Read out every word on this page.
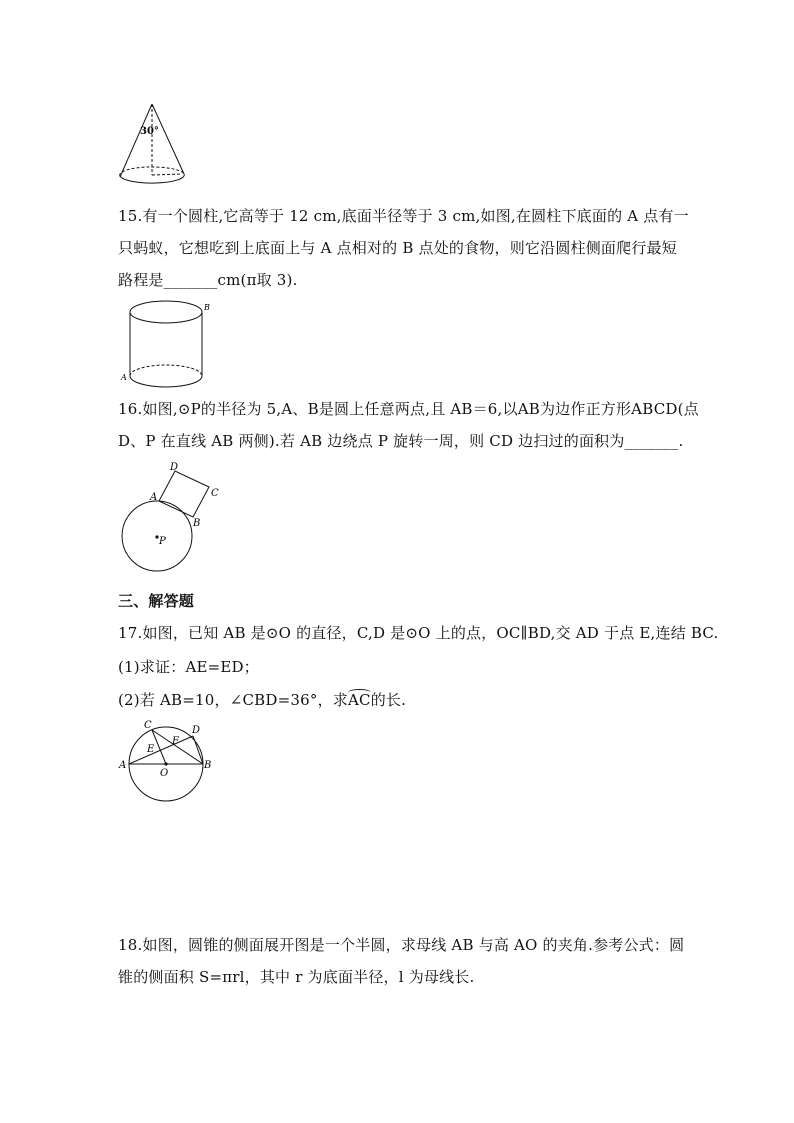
30°
15.有一个圆柱,它高等于 12 cm,底面半径等于 3 cm,如图,在圆柱下底面的 A 点有一
只蚂蚁，它想吃到上底面上与 A 点相对的 B 点处的食物，则它沿圆柱侧面爬行最短
路程是_______cm(π取 3).
B
A
16.如图,⊙P的半径为 5,A、B是圆上任意两点,且 AB＝6,以AB为边作正方形ABCD(点
D、P 在直线 AB 两侧).若 AB 边绕点 P 旋转一周，则 CD 边扫过的面积为_______.
D
C
A
B
P
三、解答题
17.如图，已知 AB 是⊙O 的直径，C,D 是⊙O 上的点，OC∥BD,交 AD 于点 E,连结 BC.
(1)求证：AE=ED；
(2)若 AB=10，∠CBD=36°，求AC的长.
C	D
F
E
A	B
O
18.如图，圆锥的侧面展开图是一个半圆，求母线 AB 与高 AO 的夹角.参考公式：圆
锥的侧面积 S=πrl，其中 r 为底面半径，l 为母线长.
